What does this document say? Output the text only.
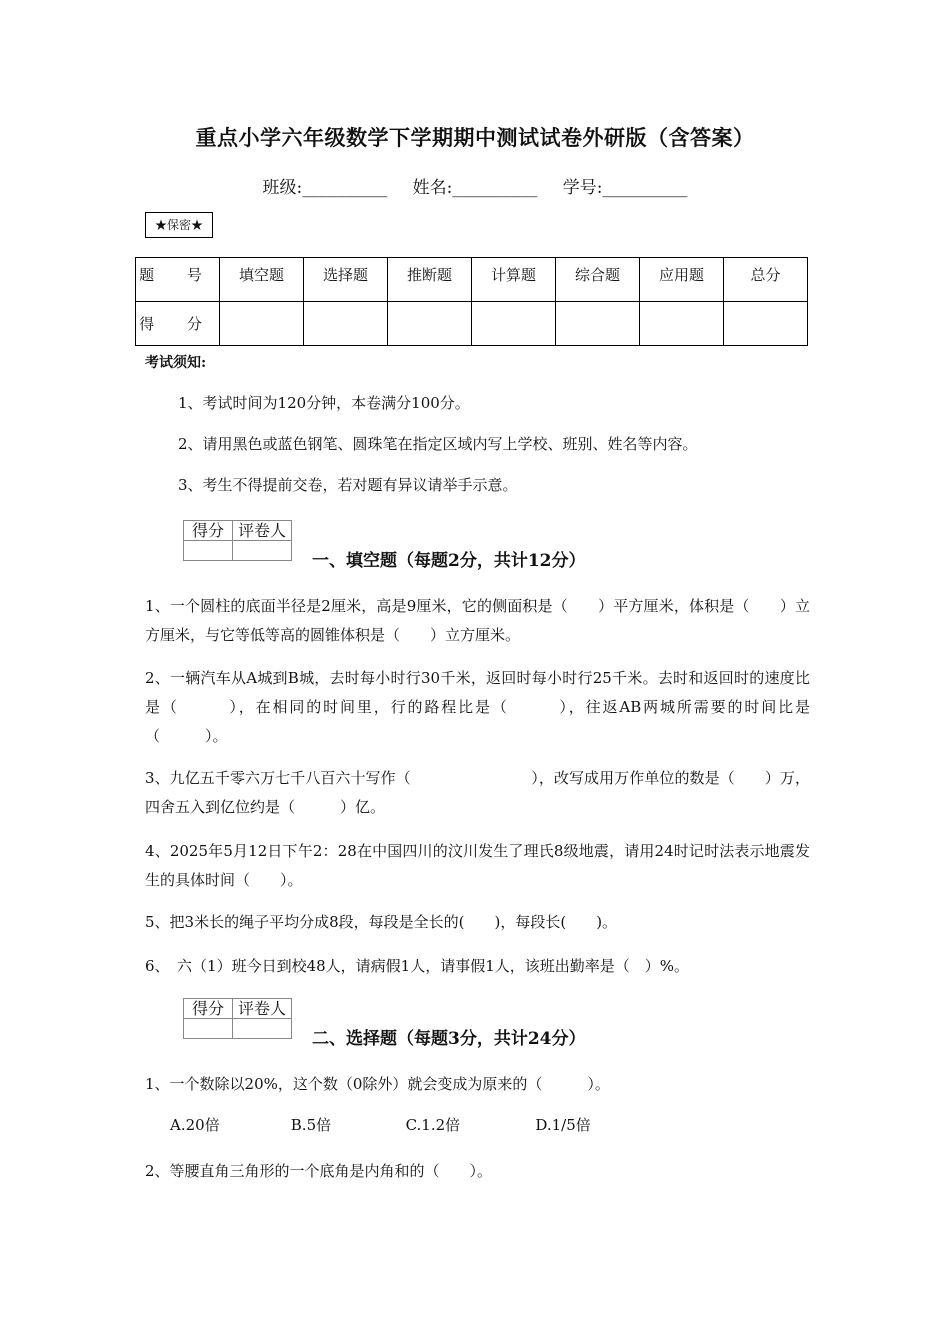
重点小学六年级数学下学期期中测试试卷外研版（含答案）
班级:__________ 姓名:__________ 学号:__________
★保密★
题 号	填空题	选择题	推断题	计算题	综合题	应用题	总分
得 分							
考试须知:
1、考试时间为120分钟，本卷满分100分。
2、请用黑色或蓝色钢笔、圆珠笔在指定区域内写上学校、班别、姓名等内容。
3、考生不得提前交卷，若对题有异议请举手示意。
得分	评卷人

一、填空题（每题2分，共计12分）
1、一个圆柱的底面半径是2厘米，高是9厘米，它的侧面积是（　　）平方厘米，体积是（　　）立方厘米，与它等低等高的圆锥体积是（　　）立方厘米。
2、一辆汽车从A城到B城，去时每小时行30千米，返回时每小时行25千米。去时和返回时的速度比是（　　　），在相同的时间里，行的路程比是（　　　），往返AB两城所需要的时间比是（　　　）。
3、九亿五千零六万七千八百六十写作（　　　　　　　　），改写成用万作单位的数是（　　）万，四舍五入到亿位约是（　　　）亿。
4、2025年5月12日下午2：28在中国四川的汶川发生了理氏8级地震，请用24时记时法表示地震发生的具体时间（　　）。
5、把3米长的绳子平均分成8段，每段是全长的(　　)，每段长(　　)。
6、　六（1）班今日到校48人，请病假1人，请事假1人，该班出勤率是（　）%。
得分	评卷人

二、选择题（每题3分，共计24分）
1、一个数除以20%，这个数（0除外）就会变成为原来的（　　　）。
A.20倍	B.5倍	C.1.2倍	D.1/5倍
2、等腰直角三角形的一个底角是内角和的（　　）。
